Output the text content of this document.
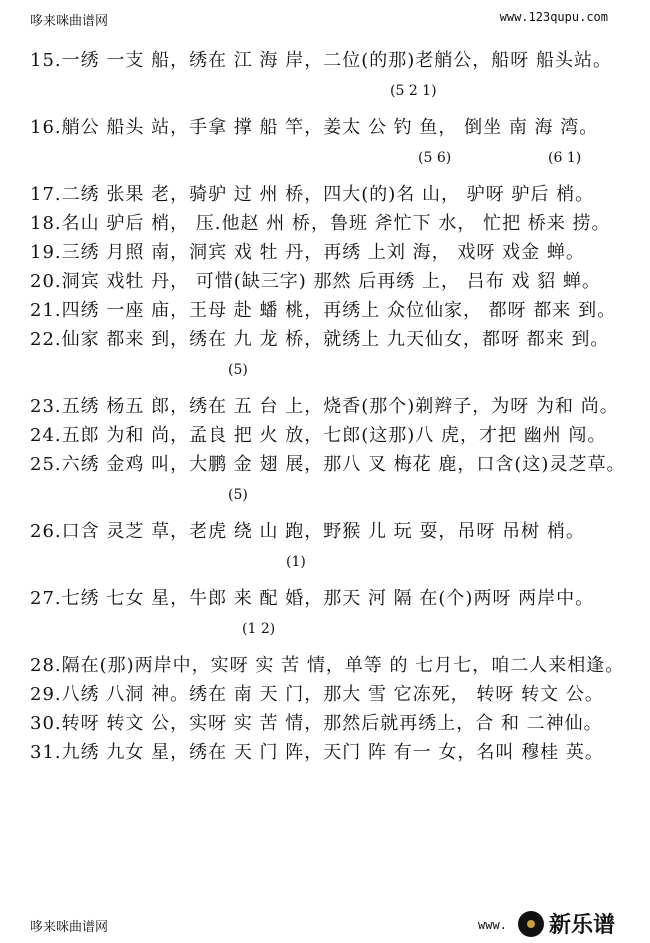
哆来咪曲谱网	www.123qupu.com
15.一绣 一支 船，绣在 江 海 岸，二位(的那)老艄公，船呀 船头站。
(5 2 1)
16.艄公 船头 站，手拿 撑 船 竿，姜太 公 钓 鱼， 倒坐 南 海 湾。
(5 6)	(6 1)
17.二绣 张果 老，骑驴 过 州 桥，四大(的)名 山， 驴呀 驴后 梢。
18.名山 驴后 梢， 压.他赵 州 桥，鲁班 斧忙下 水， 忙把 桥来 捞。
19.三绣 月照 南，洞宾 戏 牡 丹，再绣 上刘 海， 戏呀 戏金 蝉。
20.洞宾 戏牡 丹， 可惜(缺三字) 那然 后再绣 上， 吕布 戏 貂 蝉。
21.四绣 一座 庙，王母 赴 蟠 桃，再绣上 众位仙家， 都呀 都来 到。
22.仙家 都来 到，绣在 九 龙 桥，就绣上 九天仙女，都呀 都来 到。
(5)
23.五绣 杨五 郎，绣在 五 台 上，烧香(那个)剃辫子，为呀 为和 尚。
24.五郎 为和 尚，孟良 把 火 放，七郎(这那)八 虎，才把 幽州 闯。
25.六绣 金鸡 叫，大鹏 金 翅 展，那八 叉 梅花 鹿，口含(这)灵芝草。
(5)
26.口含 灵芝 草，老虎 绕 山 跑，野猴 儿 玩 耍，吊呀 吊树 梢。
(1)
27.七绣 七女 星，牛郎 来 配 婚，那天 河 隔 在(个)两呀 两岸中。
(1 2)
28.隔在(那)两岸中，实呀 实 苦 情，单等 的 七月七，咱二人来相逢。
29.八绣 八洞 神。绣在 南 天 门，那大 雪 它冻死， 转呀 转文 公。
30.转呀 转文 公，实呀 实 苦 情，那然后就再绣上，合 和 二神仙。
31.九绣 九女 星，绣在 天 门 阵，天门 阵 有一 女，名叫 穆桂 英。
哆来咪曲谱网	www. 新乐谱
